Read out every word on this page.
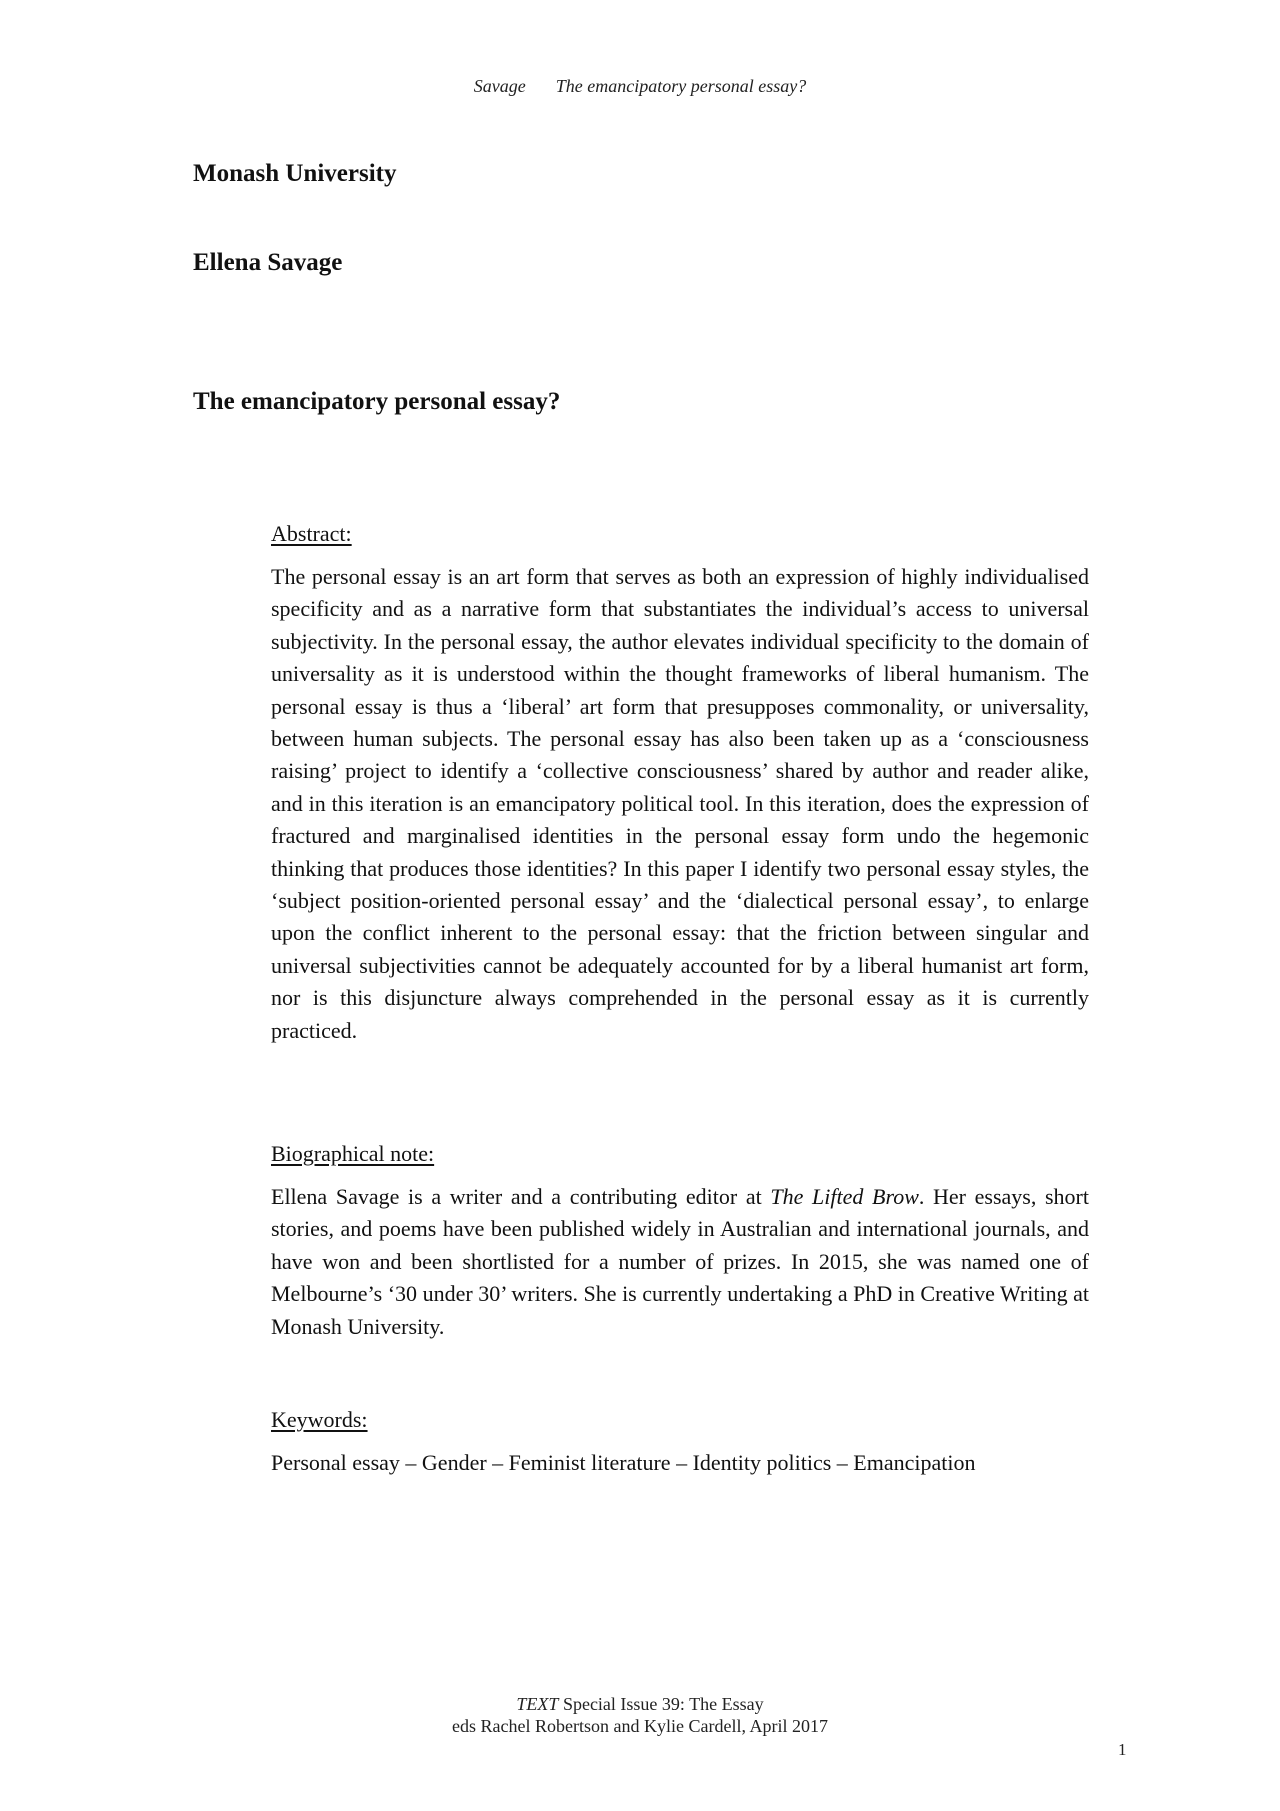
Savage The emancipatory personal essay?
Monash University
Ellena Savage
The emancipatory personal essay?
Abstract:

The personal essay is an art form that serves as both an expression of highly individualised specificity and as a narrative form that substantiates the individual’s access to universal subjectivity. In the personal essay, the author elevates individual specificity to the domain of universality as it is understood within the thought frameworks of liberal humanism. The personal essay is thus a ‘liberal’ art form that presupposes commonality, or universality, between human subjects. The personal essay has also been taken up as a ‘consciousness raising’ project to identify a ‘collective consciousness’ shared by author and reader alike, and in this iteration is an emancipatory political tool. In this iteration, does the expression of fractured and marginalised identities in the personal essay form undo the hegemonic thinking that produces those identities? In this paper I identify two personal essay styles, the ‘subject position-oriented personal essay’ and the ‘dialectical personal essay’, to enlarge upon the conflict inherent to the personal essay: that the friction between singular and universal subjectivities cannot be adequately accounted for by a liberal humanist art form, nor is this disjuncture always comprehended in the personal essay as it is currently practiced.

Biographical note:

Ellena Savage is a writer and a contributing editor at The Lifted Brow. Her essays, short stories, and poems have been published widely in Australian and international journals, and have won and been shortlisted for a number of prizes. In 2015, she was named one of Melbourne’s ‘30 under 30’ writers. She is currently undertaking a PhD in Creative Writing at Monash University.

Keywords:

Personal essay – Gender – Feminist literature – Identity politics – Emancipation

TEXT Special Issue 39: The Essay
eds Rachel Robertson and Kylie Cardell, April 2017
1
